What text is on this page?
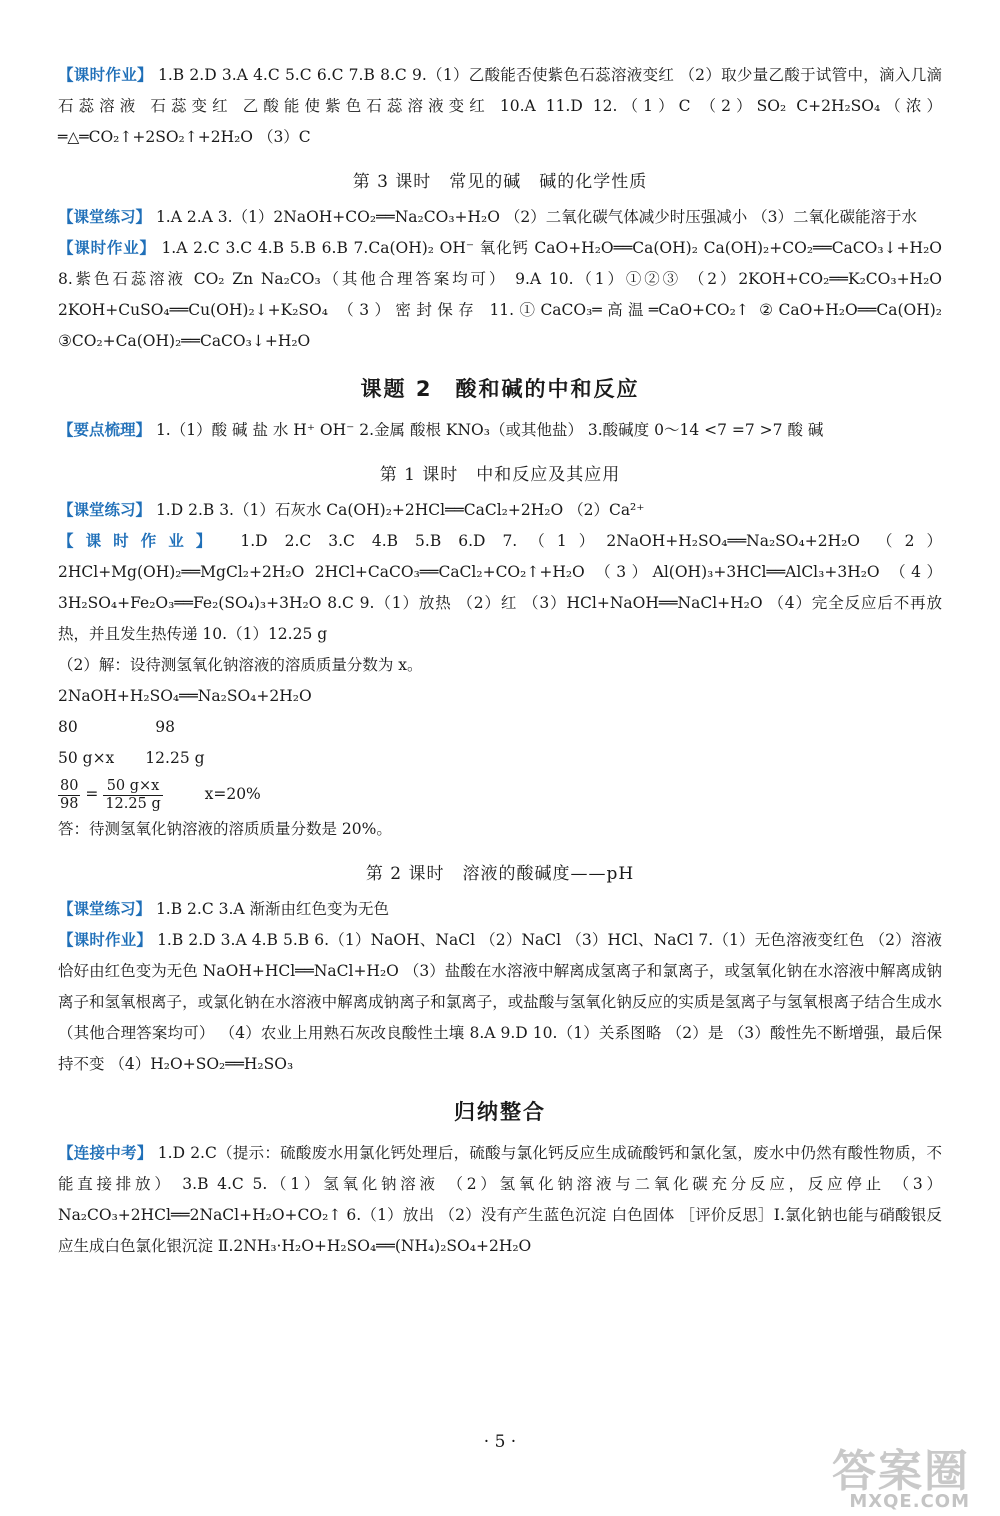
【课时作业】 1.B 2.D 3.A 4.C 5.C 6.C 7.B 8.C 9.（1）乙酸能否使紫色石蕊溶液变红 （2）取少量乙酸于试管中，滴入几滴石蕊溶液 石蕊变红 乙酸能使紫色石蕊溶液变红 10.A 11.D 12.（1）C （2）SO₂ C+2H₂SO₄（浓）═△═CO₂↑+2SO₂↑+2H₂O （3）C

第 3 课时　常见的碱　碱的化学性质

【课堂练习】 1.A 2.A 3.（1）2NaOH+CO₂══Na₂CO₃+H₂O （2）二氧化碳气体减少时压强减小 （3）二氧化碳能溶于水

【课时作业】 1.A 2.C 3.C 4.B 5.B 6.B 7.Ca(OH)₂ OH⁻ 氧化钙 CaO+H₂O══Ca(OH)₂ Ca(OH)₂+CO₂══CaCO₃↓+H₂O 8.紫色石蕊溶液 CO₂ Zn Na₂CO₃（其他合理答案均可） 9.A 10.（1）①②③ （2）2KOH+CO₂══K₂CO₃+H₂O 2KOH+CuSO₄══Cu(OH)₂↓+K₂SO₄ （3）密封保存 11.①CaCO₃═高温═CaO+CO₂↑ ②CaO+H₂O══Ca(OH)₂ ③CO₂+Ca(OH)₂══CaCO₃↓+H₂O

课题 2　酸和碱的中和反应

【要点梳理】 1.（1）酸 碱 盐 水 H⁺ OH⁻ 2.金属 酸根 KNO₃（或其他盐） 3.酸碱度 0～14 <7 =7 >7 酸 碱

第 1 课时　中和反应及其应用

【课堂练习】 1.D 2.B 3.（1）石灰水 Ca(OH)₂+2HCl══CaCl₂+2H₂O （2）Ca²⁺

【课时作业】 1.D 2.C 3.C 4.B 5.B 6.D 7.（1）2NaOH+H₂SO₄══Na₂SO₄+2H₂O （2）2HCl+Mg(OH)₂══MgCl₂+2H₂O 2HCl+CaCO₃══CaCl₂+CO₂↑+H₂O （3）Al(OH)₃+3HCl══AlCl₃+3H₂O （4）3H₂SO₄+Fe₂O₃══Fe₂(SO₄)₃+3H₂O 8.C 9.（1）放热 （2）红 （3）HCl+NaOH══NaCl+H₂O （4）完全反应后不再放热，并且发生热传递 10.（1）12.25 g

（2）解：设待测氢氧化钠溶液的溶质质量分数为 x。

2NaOH+H₂SO₄══Na₂SO₄+2H₂O

80　　　　　98

50 g×x　　12.25 g

$\frac{80}{98} = \frac{50 g\times x}{12.25 g}$	x=20%

答：待测氢氧化钠溶液的溶质质量分数是 20%。

第 2 课时　溶液的酸碱度——pH

【课堂练习】 1.B 2.C 3.A 渐渐由红色变为无色

【课时作业】 1.B 2.D 3.A 4.B 5.B 6.（1）NaOH、NaCl （2）NaCl （3）HCl、NaCl 7.（1）无色溶液变红色 （2）溶液恰好由红色变为无色 NaOH+HCl══NaCl+H₂O （3）盐酸在水溶液中解离成氢离子和氯离子，或氢氧化钠在水溶液中解离成钠离子和氢氧根离子，或氯化钠在水溶液中解离成钠离子和氯离子，或盐酸与氢氧化钠反应的实质是氢离子与氢氧根离子结合生成水（其他合理答案均可） （4）农业上用熟石灰改良酸性土壤 8.A 9.D 10.（1）关系图略 （2）是 （3）酸性先不断增强，最后保持不变 （4）H₂O+SO₂══H₂SO₃

归纳整合

【连接中考】 1.D 2.C（提示：硫酸废水用氯化钙处理后，硫酸与氯化钙反应生成硫酸钙和氯化氢，废水中仍然有酸性物质，不能直接排放） 3.B 4.C 5.（1）氢氧化钠溶液 （2）氢氧化钠溶液与二氧化碳充分反应，反应停止 （3）Na₂CO₃+2HCl══2NaCl+H₂O+CO₂↑ 6.（1）放出 （2）没有产生蓝色沉淀 白色固体 ［评价反思］Ⅰ.氯化钠也能与硝酸银反应生成白色氯化银沉淀 Ⅱ.2NH₃·H₂O+H₂SO₄══(NH₄)₂SO₄+2H₂O

· 5 ·
答案圈
MXQE.COM
